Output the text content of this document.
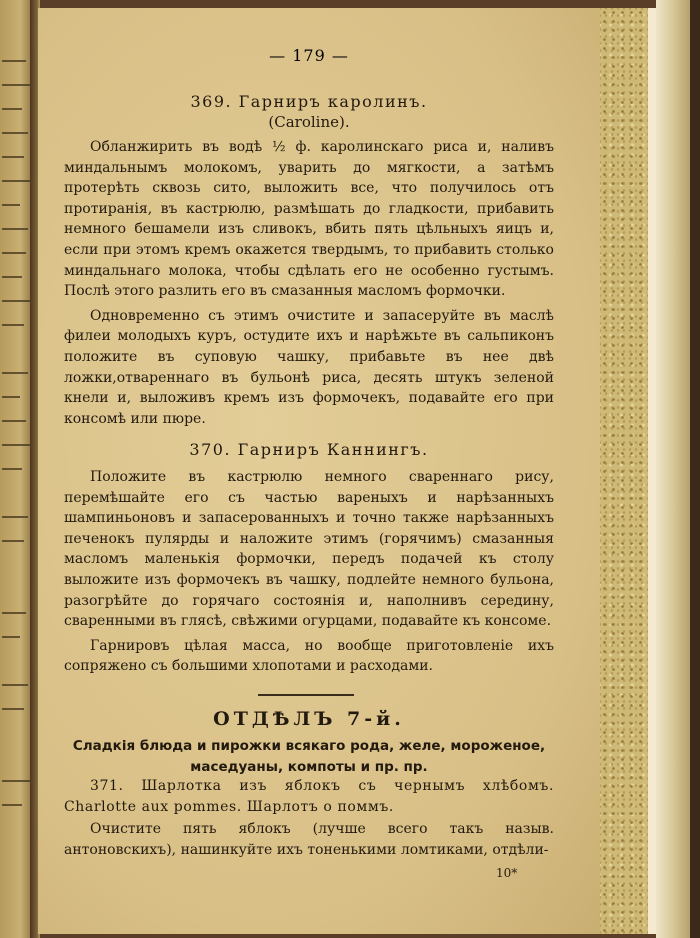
— 179 —
369. Гарниръ каролинъ.
(Caroline).

Обланжирить въ водѣ ½ ф. каролинскаго риса и, наливъ миндальнымъ молокомъ, уварить до мягкости, а затѣмъ протерѣть сквозь сито, выложить все, что получилось отъ протиранія, въ кастрюлю, размѣшать до гладкости, прибавить немного бешамели изъ сливокъ, вбить пять цѣльныхъ яицъ и, если при этомъ кремъ окажется твердымъ, то прибавить столько миндальнаго молока, чтобы сдѣлать его не особенно густымъ. Послѣ этого разлить его въ смазанныя масломъ формочки.

Одновременно съ этимъ очистите и запасеруйте въ маслѣ филеи молодыхъ куръ, остудите ихъ и нарѣжьте въ сальпиконъ положите въ суповую чашку, прибавьте въ нее двѣ ложки,отвареннаго въ бульонѣ риса, десять штукъ зеленой кнели и, выложивъ кремъ изъ формочекъ, подавайте его при консомѣ или пюре.

370. Гарниръ Каннингъ.

Положите въ кастрюлю немного свареннаго рису, перемѣшайте его съ частью вареныхъ и нарѣзанныхъ шампиньоновъ и запасерованныхъ и точно также нарѣзанныхъ печенокъ пулярды и наложите этимъ (горячимъ) смазанныя масломъ маленькія формочки, передъ подачей къ столу выложите изъ формочекъ въ чашку, подлейте немного бульона, разогрѣйте до горячаго состоянія и, наполнивъ середину, сваренными въ глясѣ, свѣжими огурцами, подавайте къ консоме.

Гарнировъ цѣлая масса, но вообще приготовленіе ихъ сопряжено съ большими хлопотами и расходами.

ОТДѢЛЪ 7-й.
Сладкія блюда и пирожки всякаго рода, желе, мороженое, маседуаны, компоты и пр. пр.

371. Шарлотка изъ яблокъ съ чернымъ хлѣбомъ. Charlotte aux pommes. Шарлотъ о поммъ.

Очистите пять яблокъ (лучше всего такъ назыв. антоновскихъ), нашинкуйте ихъ тоненькими ломтиками, отдѣли-

10*
